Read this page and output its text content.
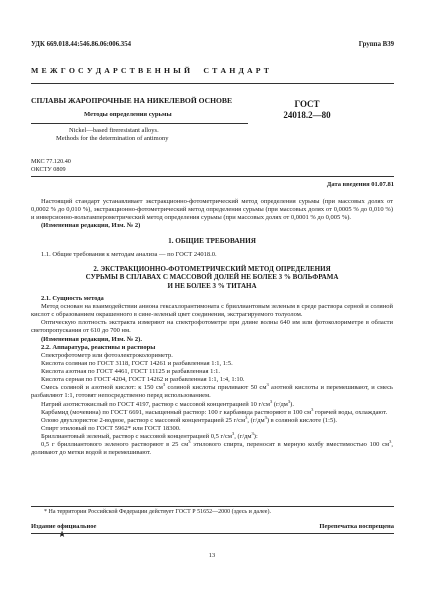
УДК 669.018.44:546.86.06:006.354	Группа В39
М Е Ж Г О С У Д А Р С Т В Е Н Н Ы Й     С Т А Н Д А Р Т
СПЛАВЫ ЖАРОПРОЧНЫЕ НА НИКЕЛЕВОЙ ОСНОВЕ	ГОСТ
24018.2—80
Методы определения сурьмы
Nickel—based fireresistant alloys.
Methods for the determination of antimony
МКС 77.120.40
ОКСТУ 0809
Дата введения 01.07.81

Настоящий стандарт устанавливает экстракционно-фотометрический метод определения сурьмы (при массовых долях от 0,0002 % до 0,010 %), экстракционно-фотометрический метод определения сурьмы (при массовых долях от 0,0005 % до 0,010 %) и инверсионно-вольтамперометрический метод определения сурьмы (при массовых долях от 0,0001 % до 0,005 %).

(Измененная редакция, Изм. № 2)

1. ОБЩИЕ ТРЕБОВАНИЯ

1.1. Общие требования к методам анализа — по ГОСТ 24018.0.

2. ЭКСТРАКЦИОННО-ФОТОМЕТРИЧЕСКИЙ МЕТОД ОПРЕДЕЛЕНИЯ

СУРЬМЫ В СПЛАВАХ С МАССОВОЙ ДОЛЕЙ НЕ БОЛЕЕ 3 % ВОЛЬФРАМА

И НЕ БОЛЕЕ 3 % ТИТАНА

2.1. Сущность метода

Метод основан на взаимодействии аниона гексахлорантимоната с бриллиантовым зеленым в среде раствора серной и соляной кислот с образованием окрашенного в сине-зеленый цвет соединения, экстрагируемого толуолом.

Оптическую плотность экстракта измеряют на спектрофотометре при длине волны 640 им или фотоколориметре в области светопропускания от 610 до 700 нм.

(Измененная редакция, Изм. № 2).

2.2. Аппаратура, реактивы и растворы

Спектрофотометр или фотоэлектроколориметр.

Кислота соляная по ГОСТ 3118, ГОСТ 14261 и разбавленная 1:1, 1:5.

Кислота азотная по ГОСТ 4461, ГОСТ 11125 и разбавленная 1:1.

Кислота серная по ГОСТ 4204, ГОСТ 14262 и разбавленная 1:1, 1:4, 1:10.

Смесь соляной и азотной кислот: к 150 $см^3$ соляной кислоты приливают 50 $см^3$ азотной кислоты и перемешивают, и смесь разбавляют 1:1, готовят непосредственно перед использованием.

Натрий азотистокислый по ГОСТ 4197, раствор с массовой концентрацией 10 $г/см^3$ $(г/дм^3)$.

Карбамид (мочевина) по ГОСТ 6691, насыщенный раствор: 100 г карбамида растворяют в 100 $см^3$ горячей воды, охлаждают.

Олово двухлористое 2-водное, раствор с массовой концентрацией 25 $г/см^3$, $(г/дм^3)$ в соляной кислоте (1:5).

Спирт этиловый по ГОСТ 5962* или ГОСТ 18300.

Бриллиантовый зеленый, раствор с массовой концентрацией 0,5 $г/см^3$, $(г/дм^3)$:

0,5 г бриллиантового зеленого растворяют в 25 $см^3$ этилового спирта, переносят в мерную колбу вместимостью 100 $см^3$, доливают до метки водой и перемешивают.

* На территории Российской Федерации действует ГОСТ Р 51652—2000 (здесь и далее).
Издание официальное
★
Перепечатка воспрещена
13
